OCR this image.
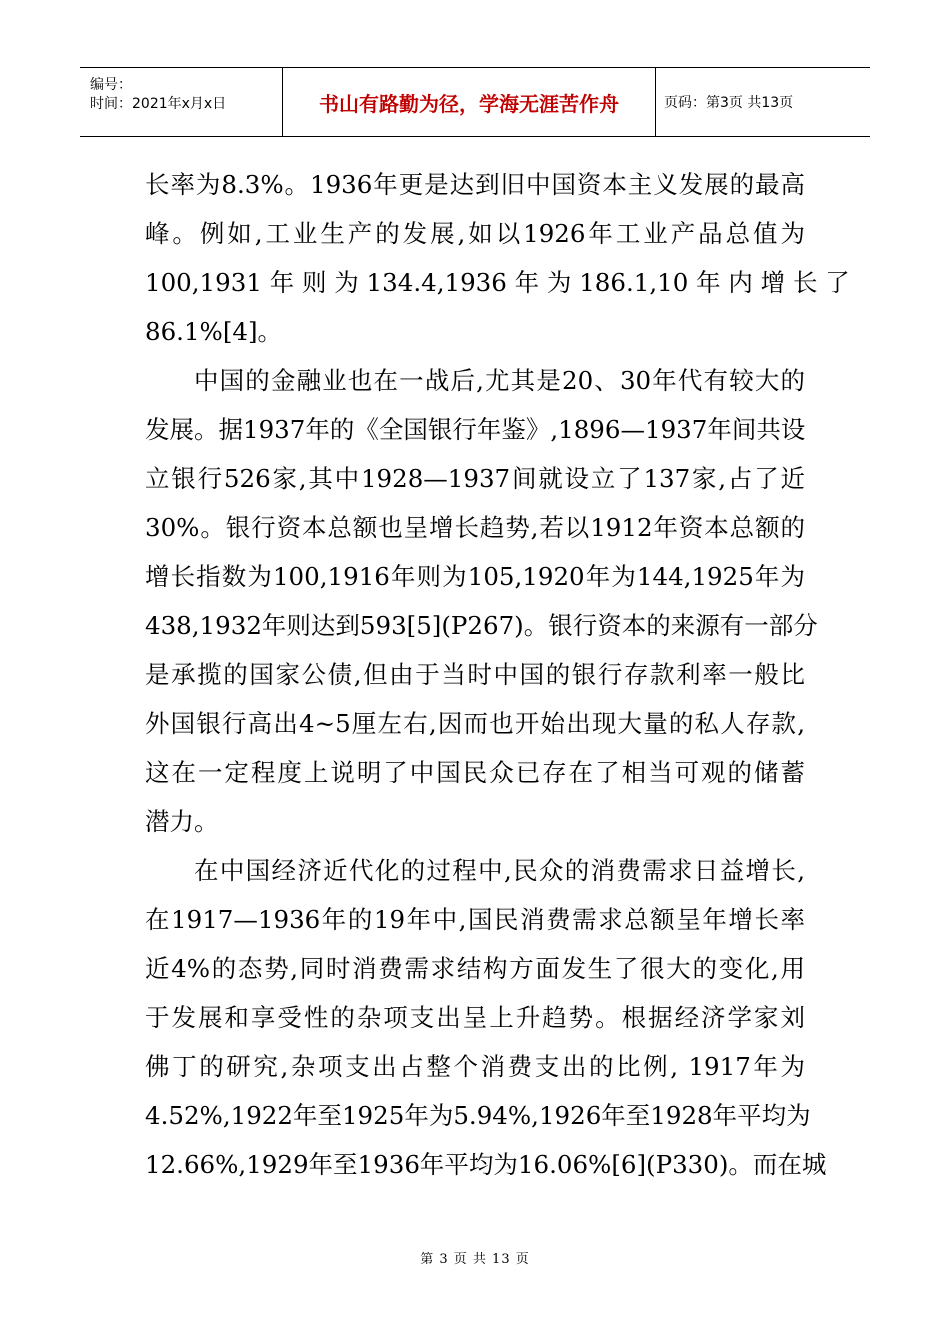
编号：
时间：2021年x月x日	书山有路勤为径，学海无涯苦作舟	页码：第3页 共13页
长率为8.3%。1936年更是达到旧中国资本主义发展的最高
峰。例如,工业生产的发展,如以1926年工业产品总值为
100,1931 年 则 为 134.4,1936 年 为 186.1,10 年 内 增 长 了
86.1%[4]。
中国的金融业也在一战后,尤其是20、30年代有较大的
发展。据1937年的《全国银行年鉴》,1896—1937年间共设
立银行526家,其中1928—1937间就设立了137家,占了近
30%。银行资本总额也呈增长趋势,若以1912年资本总额的
增长指数为100,1916年则为105,1920年为144,1925年为
438,1932年则达到593[5](P267)。银行资本的来源有一部分
是承揽的国家公债,但由于当时中国的银行存款利率一般比
外国银行高出4~5厘左右,因而也开始出现大量的私人存款,
这在一定程度上说明了中国民众已存在了相当可观的储蓄
潜力。
在中国经济近代化的过程中,民众的消费需求日益增长,
在1917—1936年的19年中,国民消费需求总额呈年增长率
近4%的态势,同时消费需求结构方面发生了很大的变化,用
于发展和享受性的杂项支出呈上升趋势。根据经济学家刘
佛丁的研究,杂项支出占整个消费支出的比例, 1917年为
4.52%,1922年至1925年为5.94%,1926年至1928年平均为
12.66%,1929年至1936年平均为16.06%[6](P330)。而在城
第 3 页 共 13 页
